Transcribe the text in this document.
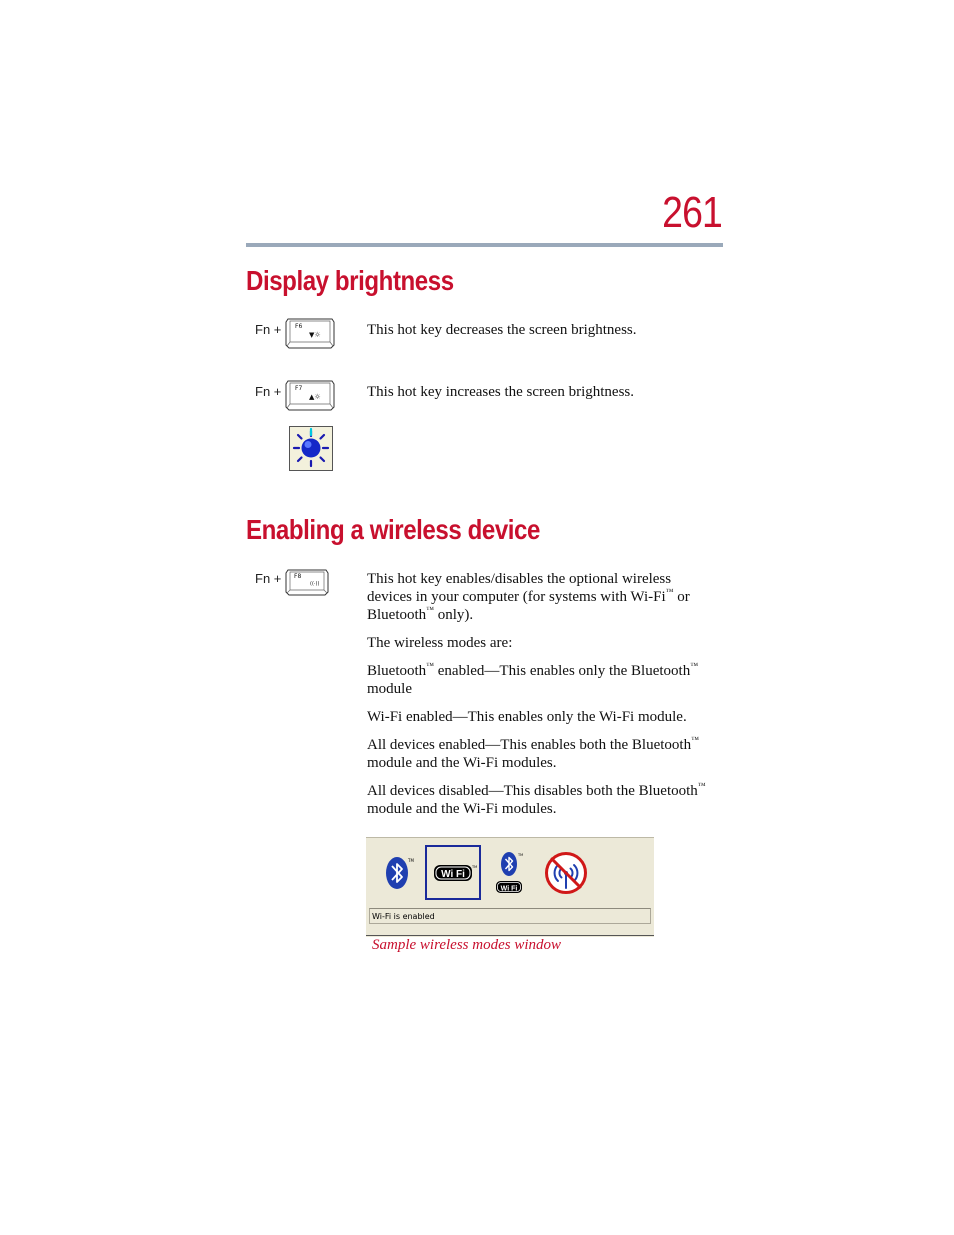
261
Display brightness
Fn + F6
▼☼	This hot key decreases the screen brightness.
Fn + F7
▲☼	This hot key increases the screen brightness.
Enabling a wireless device
Fn + F8
((·))	This hot key enables/disables the optional wireless devices in your computer (for systems with Wi-Fi™ or Bluetooth™ only).

The wireless modes are:

Bluetooth™ enabled—This enables only the Bluetooth™
module

Wi-Fi enabled—This enables only the Wi-Fi module.

All devices enabled—This enables both the Bluetooth™
module and the Wi-Fi modules.

All devices disabled—This disables both the Bluetooth™
module and the Wi-Fi modules.

TM
Wi Fi
TM
TM
Wi Fi
Wi-Fi is enabled
Sample wireless modes window
